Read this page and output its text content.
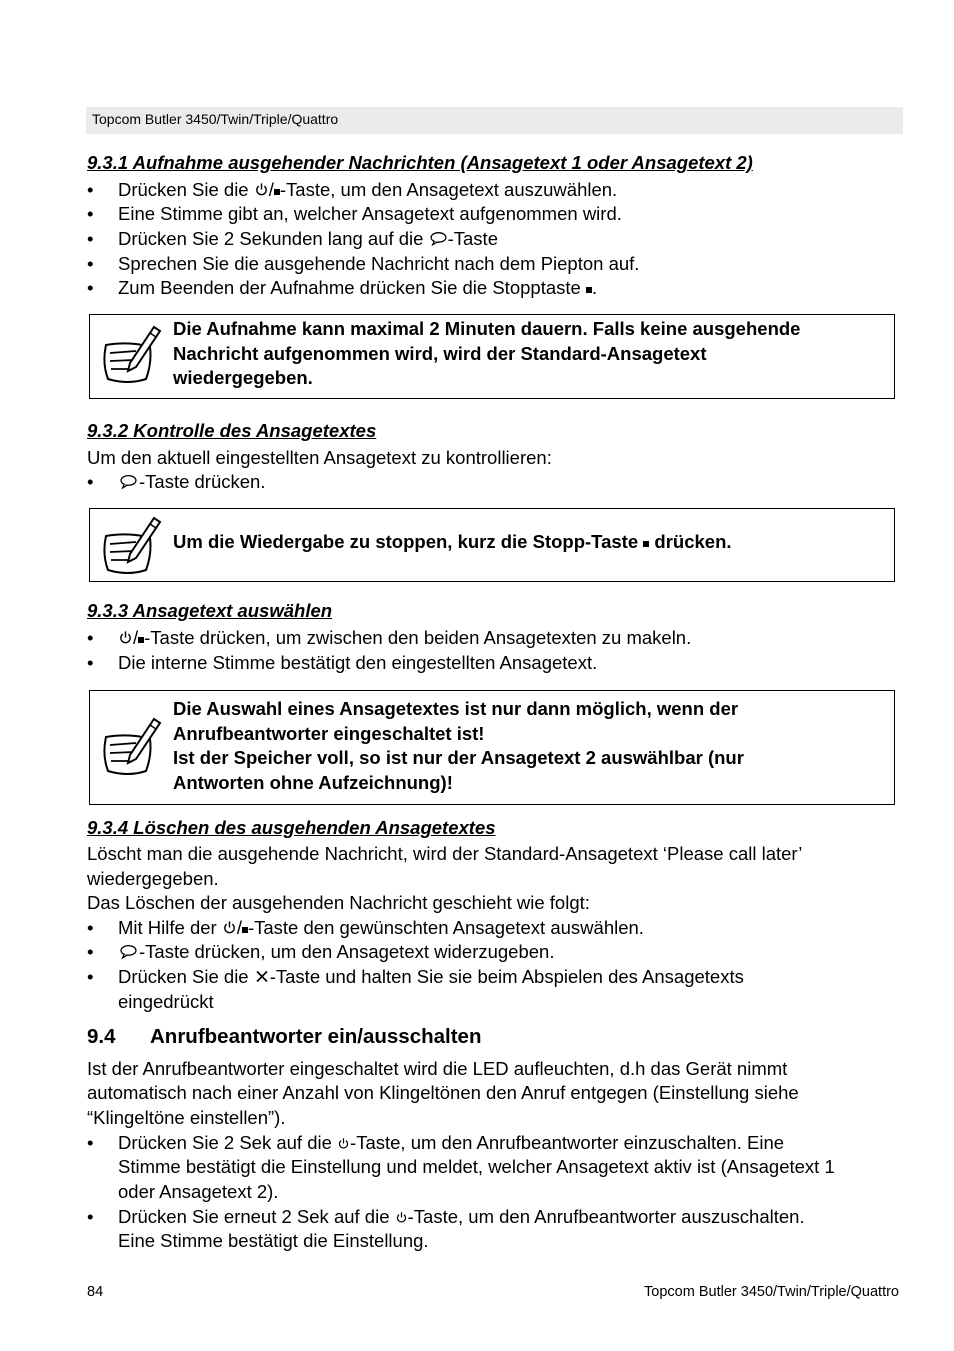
Topcom Butler 3450/Twin/Triple/Quattro
9.3.1 Aufnahme ausgehender Nachrichten (Ansagetext 1 oder Ansagetext 2)
• Drücken Sie die / -Taste, um den Ansagetext auszuwählen.
• Eine Stimme gibt an, welcher Ansagetext aufgenommen wird.
• Drücken Sie 2 Sekunden lang auf die -Taste
• Sprechen Sie die ausgehende Nachricht nach dem Piepton auf.
• Zum Beenden der Aufnahme drücken Sie die Stopptaste .
Die Aufnahme kann maximal 2 Minuten dauern. Falls keine ausgehende
Nachricht aufgenommen wird, wird der Standard-Ansagetext
wiedergegeben.
9.3.2 Kontrolle des Ansagetextes
Um den aktuell eingestellten Ansagetext zu kontrollieren:
•	-Taste drücken.
Um die Wiedergabe zu stoppen, kurz die Stopp-Taste  drücken.
9.3.3 Ansagetext auswählen
•	/ -Taste drücken, um zwischen den beiden Ansagetexten zu makeln.
• Die interne Stimme bestätigt den eingestellten Ansagetext.
Die Auswahl eines Ansagetextes ist nur dann möglich, wenn der
Anrufbeantworter eingeschaltet ist!
Ist der Speicher voll, so ist nur der Ansagetext 2 auswählbar (nur
Antworten ohne Aufzeichnung)!
9.3.4 Löschen des ausgehenden Ansagetextes
Löscht man die ausgehende Nachricht, wird der Standard-Ansagetext ‘Please call later’
wiedergegeben.
Das Löschen der ausgehenden Nachricht geschieht wie folgt:
• Mit Hilfe der / -Taste den gewünschten Ansagetext auswählen.
•	-Taste drücken, um den Ansagetext widerzugeben.
• Drücken Sie die -Taste und halten Sie sie beim Abspielen des Ansagetexts
eingedrückt
9.4 Anrufbeantworter ein/ausschalten
Ist der Anrufbeantworter eingeschaltet wird die LED aufleuchten, d.h das Gerät nimmt
automatisch nach einer Anzahl von Klingeltönen den Anruf entgegen (Einstellung siehe
“Klingeltöne einstellen”).
• Drücken Sie 2 Sek auf die -Taste, um den Anrufbeantworter einzuschalten. Eine
Stimme bestätigt die Einstellung und meldet, welcher Ansagetext aktiv ist (Ansagetext 1
oder Ansagetext 2).
• Drücken Sie erneut 2 Sek auf die -Taste, um den Anrufbeantworter auszuschalten.
Eine Stimme bestätigt die Einstellung.
84	Topcom Butler 3450/Twin/Triple/Quattro
